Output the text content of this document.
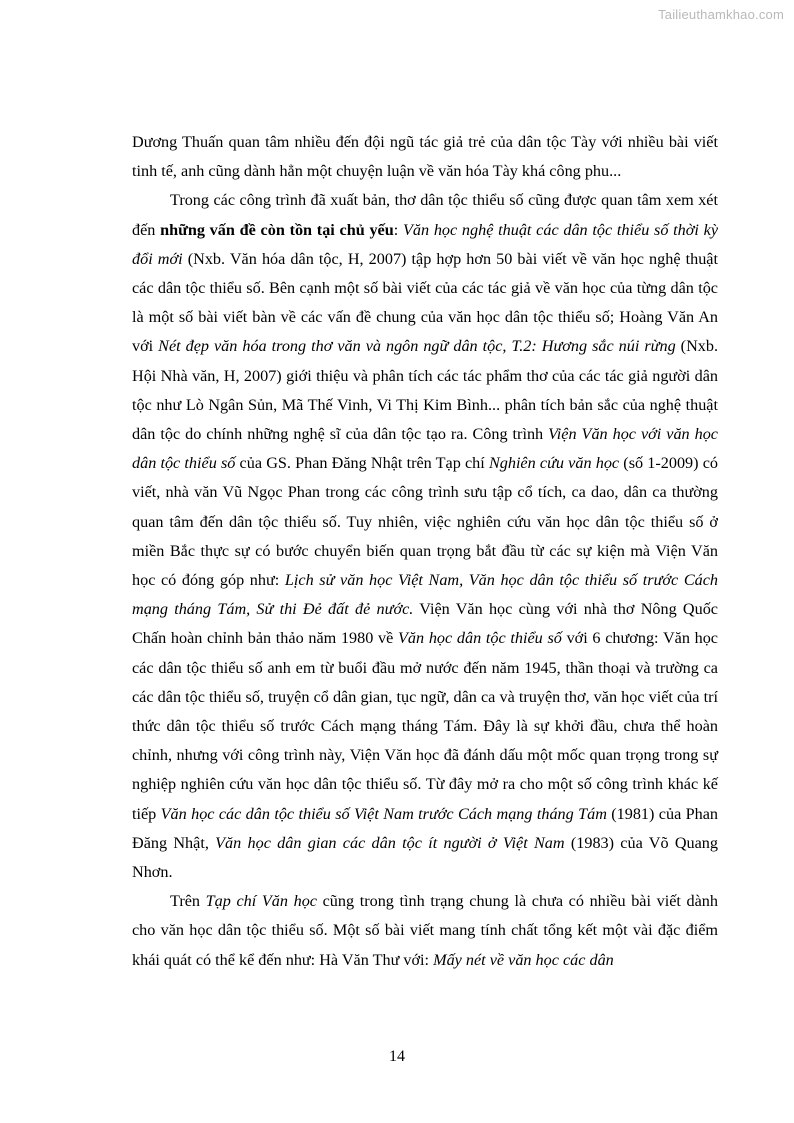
Tailieuthamkhao.com

Dương Thuấn quan tâm nhiều đến đội ngũ tác giả trẻ của dân tộc Tày với nhiều bài viết tinh tế, anh cũng dành hẳn một chuyện luận về văn hóa Tày khá công phu...

Trong các công trình đã xuất bản, thơ dân tộc thiểu số cũng được quan tâm xem xét đến những vấn đề còn tồn tại chủ yếu: Văn học nghệ thuật các dân tộc thiểu số thời kỳ đổi mới (Nxb. Văn hóa dân tộc, H, 2007) tập hợp hơn 50 bài viết về văn học nghệ thuật các dân tộc thiểu số. Bên cạnh một số bài viết của các tác giả về văn học của từng dân tộc là một số bài viết bàn về các vấn đề chung của văn học dân tộc thiểu số; Hoàng Văn An với Nét đẹp văn hóa trong thơ văn và ngôn ngữ dân tộc, T.2: Hương sắc núi rừng (Nxb. Hội Nhà văn, H, 2007) giới thiệu và phân tích các tác phẩm thơ của các tác giả người dân tộc như Lò Ngân Sủn, Mã Thế Vinh, Vi Thị Kim Bình... phân tích bản sắc của nghệ thuật dân tộc do chính những nghệ sĩ của dân tộc tạo ra. Công trình Viện Văn học với văn học dân tộc thiểu số của GS. Phan Đăng Nhật trên Tạp chí Nghiên cứu văn học (số 1-2009) có viết, nhà văn Vũ Ngọc Phan trong các công trình sưu tập cổ tích, ca dao, dân ca thường quan tâm đến dân tộc thiểu số. Tuy nhiên, việc nghiên cứu văn học dân tộc thiểu số ở miền Bắc thực sự có bước chuyển biến quan trọng bắt đầu từ các sự kiện mà Viện Văn học có đóng góp như: Lịch sử văn học Việt Nam, Văn học dân tộc thiểu số trước Cách mạng tháng Tám, Sử thi Đẻ đất đẻ nước. Viện Văn học cùng với nhà thơ Nông Quốc Chấn hoàn chỉnh bản thảo năm 1980 về Văn học dân tộc thiểu số với 6 chương: Văn học các dân tộc thiểu số anh em từ buổi đầu mở nước đến năm 1945, thần thoại và trường ca các dân tộc thiểu số, truyện cổ dân gian, tục ngữ, dân ca và truyện thơ, văn học viết của trí thức dân tộc thiểu số trước Cách mạng tháng Tám. Đây là sự khởi đầu, chưa thể hoàn chỉnh, nhưng với công trình này, Viện Văn học đã đánh dấu một mốc quan trọng trong sự nghiệp nghiên cứu văn học dân tộc thiểu số. Từ đây mở ra cho một số công trình khác kế tiếp Văn học các dân tộc thiểu số Việt Nam trước Cách mạng tháng Tám (1981) của Phan Đăng Nhật, Văn học dân gian các dân tộc ít người ở Việt Nam (1983) của Võ Quang Nhơn.

Trên Tạp chí Văn học cũng trong tình trạng chung là chưa có nhiều bài viết dành cho văn học dân tộc thiểu số. Một số bài viết mang tính chất tổng kết một vài đặc điểm khái quát có thể kể đến như: Hà Văn Thư với: Mấy nét về văn học các dân

14
